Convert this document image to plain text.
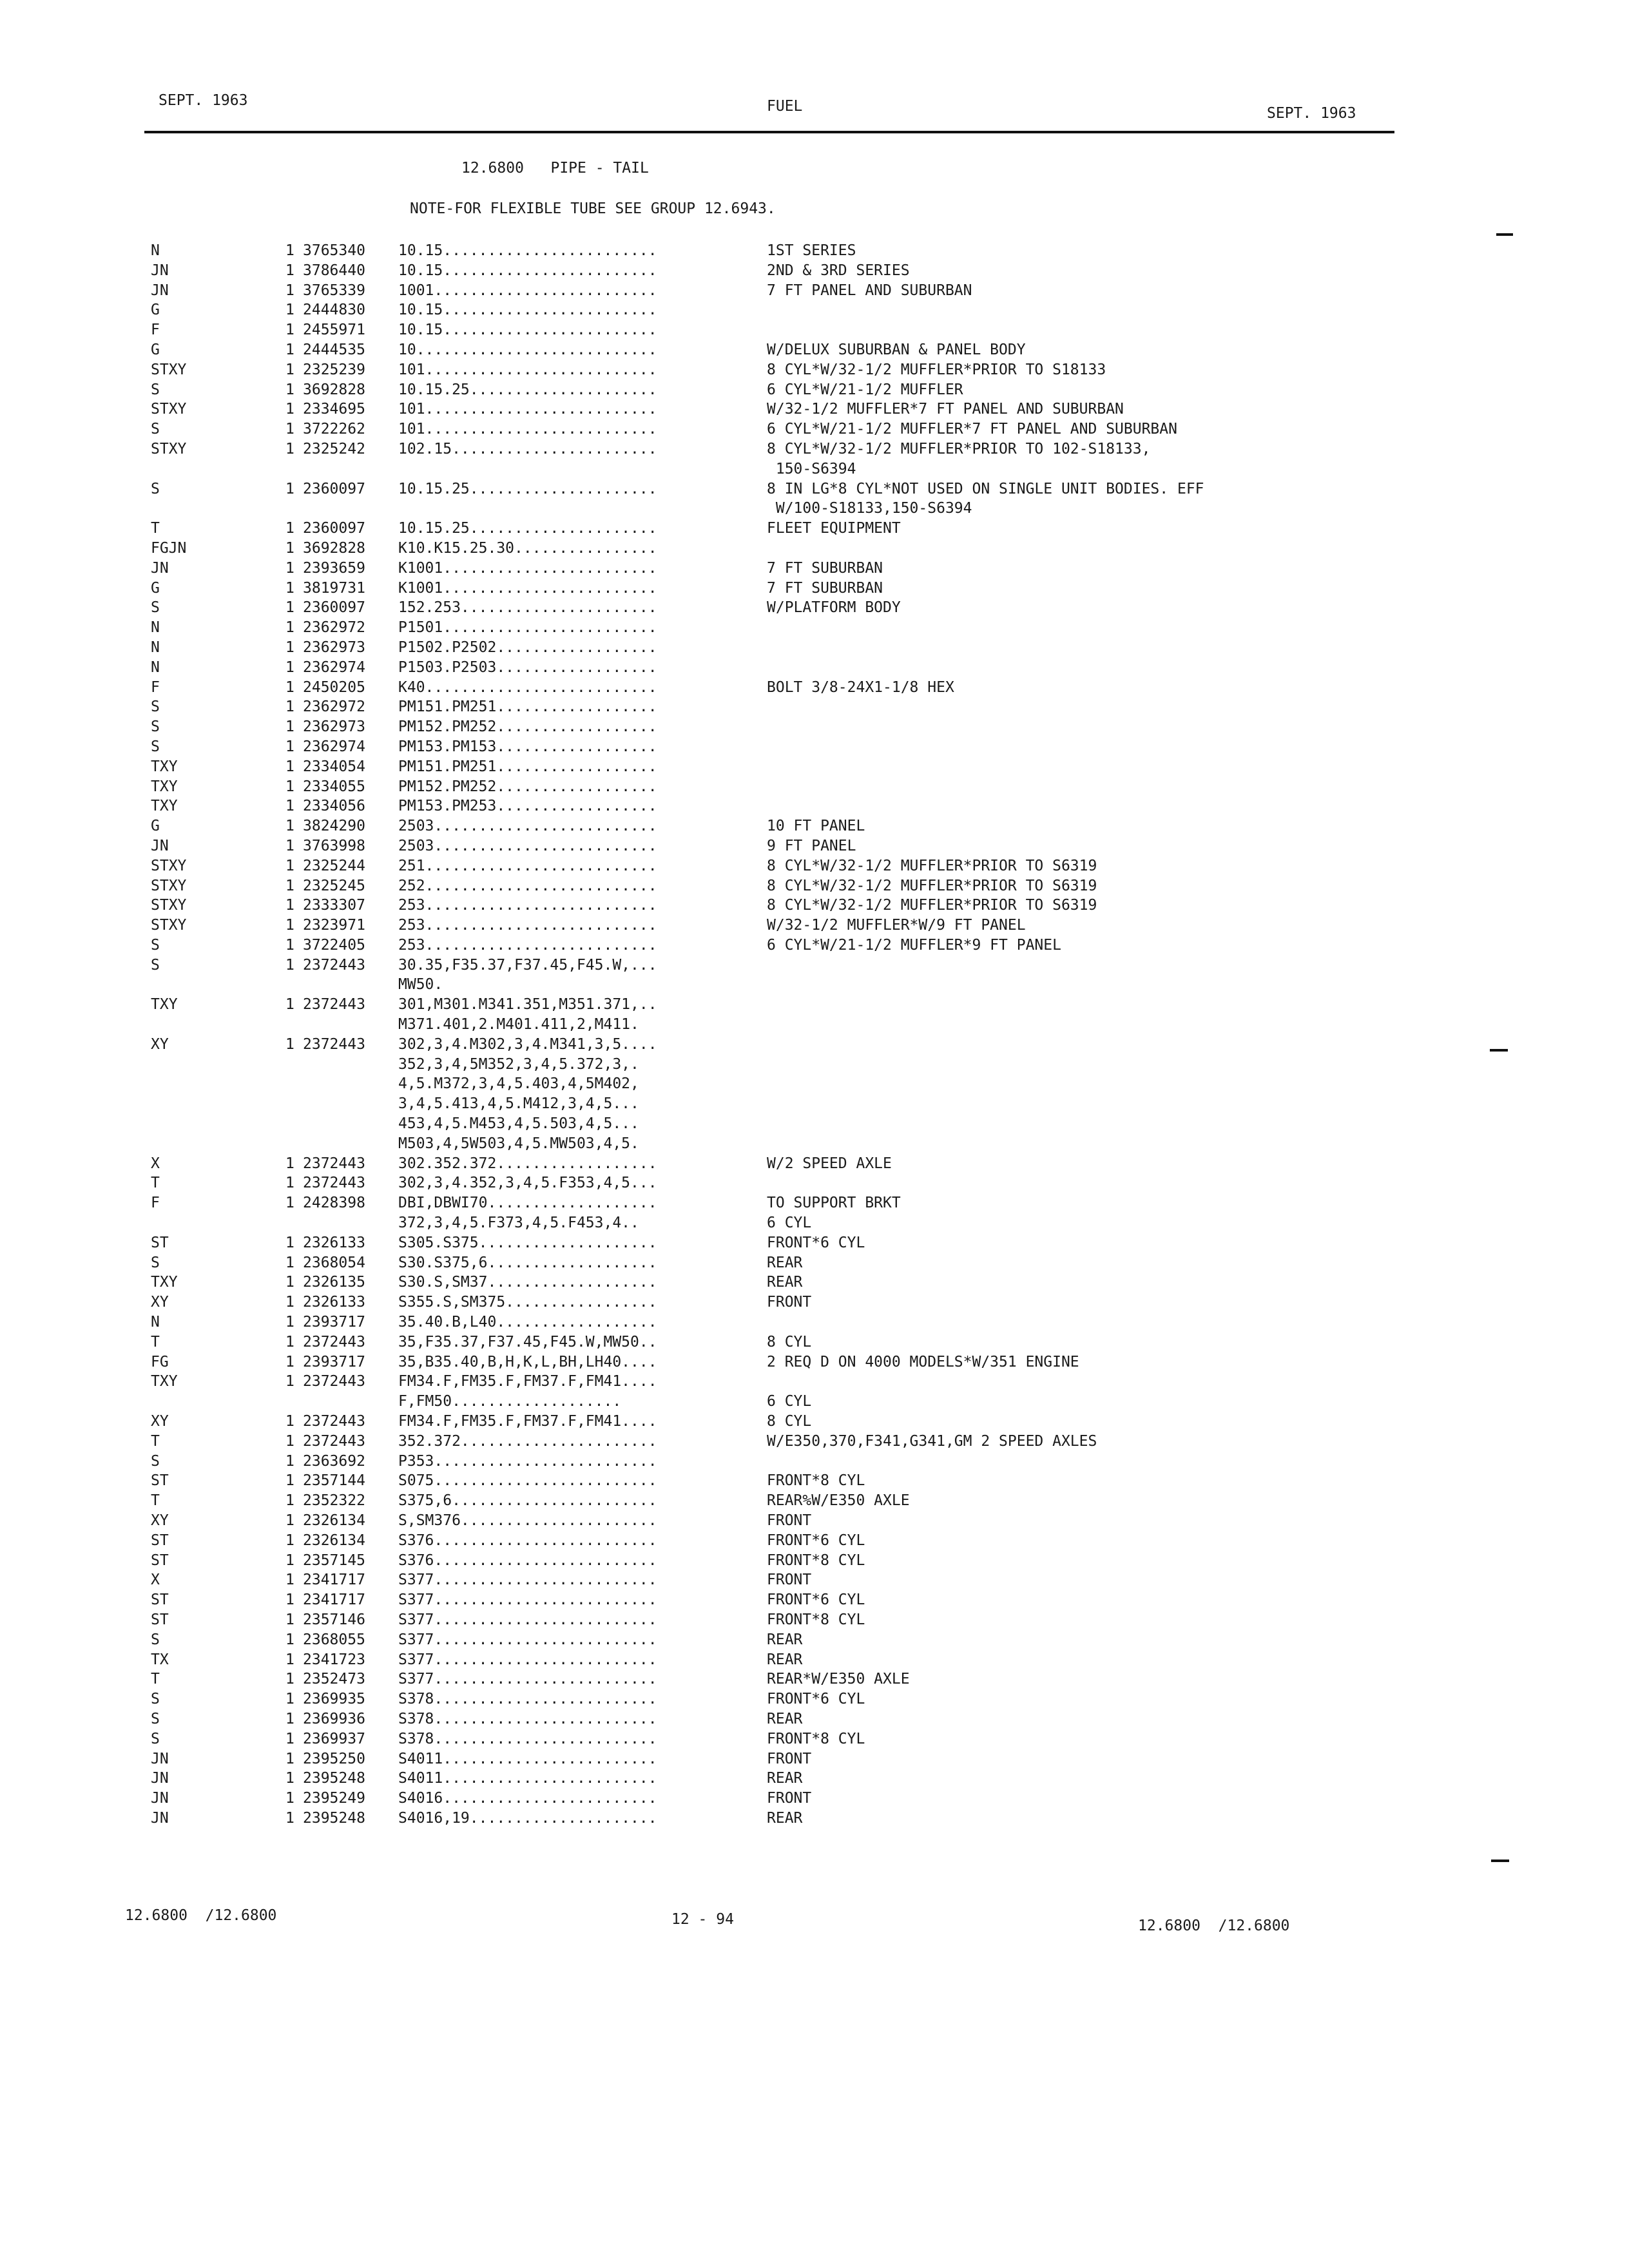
SEPT. 1963	FUEL	SEPT. 1963
12.6800   PIPE - TAIL
NOTE-FOR FLEXIBLE TUBE SEE GROUP 12.6943.
N	1 3765340 10.15........................	1ST SERIES
JN	1 3786440 10.15........................	2ND & 3RD SERIES
JN	1 3765339 1001.........................	7 FT PANEL AND SUBURBAN
G	1 2444830 10.15........................
F	1 2455971 10.15........................
G	1 2444535 10...........................	W/DELUX SUBURBAN & PANEL BODY
STXY	1 2325239 101..........................	8 CYL*W/32-1/2 MUFFLER*PRIOR TO S18133
S	1 3692828 10.15.25.....................	6 CYL*W/21-1/2 MUFFLER
STXY	1 2334695 101..........................	W/32-1/2 MUFFLER*7 FT PANEL AND SUBURBAN
S	1 3722262 101..........................	6 CYL*W/21-1/2 MUFFLER*7 FT PANEL AND SUBURBAN
STXY	1 2325242 102.15.......................	8 CYL*W/32-1/2 MUFFLER*PRIOR TO 102-S18133,
150-S6394
S	1 2360097 10.15.25.....................	8 IN LG*8 CYL*NOT USED ON SINGLE UNIT BODIES. EFF
W/100-S18133,150-S6394
T	1 2360097 10.15.25.....................	FLEET EQUIPMENT
FGJN	1 3692828 K10.K15.25.30................
JN	1 2393659 K1001........................	7 FT SUBURBAN
G	1 3819731 K1001........................	7 FT SUBURBAN
S	1 2360097 152.253......................	W/PLATFORM BODY
N	1 2362972 P1501........................
N	1 2362973 P1502.P2502..................
N	1 2362974 P1503.P2503..................
F	1 2450205 K40..........................	BOLT 3/8-24X1-1/8 HEX
S	1 2362972 PM151.PM251..................
S	1 2362973 PM152.PM252..................
S	1 2362974 PM153.PM153..................
TXY	1 2334054 PM151.PM251..................
TXY	1 2334055 PM152.PM252..................
TXY	1 2334056 PM153.PM253..................
G	1 3824290 2503.........................	10 FT PANEL
JN	1 3763998 2503.........................	9 FT PANEL
STXY	1 2325244 251..........................	8 CYL*W/32-1/2 MUFFLER*PRIOR TO S6319
STXY	1 2325245 252..........................	8 CYL*W/32-1/2 MUFFLER*PRIOR TO S6319
STXY	1 2333307 253..........................	8 CYL*W/32-1/2 MUFFLER*PRIOR TO S6319
STXY	1 2323971 253..........................	W/32-1/2 MUFFLER*W/9 FT PANEL
S	1 3722405 253..........................	6 CYL*W/21-1/2 MUFFLER*9 FT PANEL
S	1 2372443 30.35,F35.37,F37.45,F45.W,...
MW50.
TXY	1 2372443 301,M301.M341.351,M351.371,..
M371.401,2.M401.411,2,M411.
XY	1 2372443 302,3,4.M302,3,4.M341,3,5....
352,3,4,5M352,3,4,5.372,3,.
4,5.M372,3,4,5.403,4,5M402,
3,4,5.413,4,5.M412,3,4,5...
453,4,5.M453,4,5.503,4,5...
M503,4,5W503,4,5.MW503,4,5.
X	1 2372443 302.352.372..................	W/2 SPEED AXLE
T	1 2372443 302,3,4.352,3,4,5.F353,4,5...
F	1 2428398 DBI,DBWI70...................	TO SUPPORT BRKT
372,3,4,5.F373,4,5.F453,4..	6 CYL
ST	1 2326133 S305.S375....................	FRONT*6 CYL
S	1 2368054 S30.S375,6...................	REAR
TXY	1 2326135 S30.S,SM37...................	REAR
XY	1 2326133 S355.S,SM375.................	FRONT
N	1 2393717 35.40.B,L40..................
T	1 2372443 35,F35.37,F37.45,F45.W,MW50..	8 CYL
FG	1 2393717 35,B35.40,B,H,K,L,BH,LH40....	2 REQ D ON 4000 MODELS*W/351 ENGINE
TXY	1 2372443 FM34.F,FM35.F,FM37.F,FM41....
F,FM50...................	6 CYL
XY	1 2372443 FM34.F,FM35.F,FM37.F,FM41....	8 CYL
T	1 2372443 352.372......................	W/E350,370,F341,G341,GM 2 SPEED AXLES
S	1 2363692 P353.........................
ST	1 2357144 S075.........................	FRONT*8 CYL
T	1 2352322 S375,6.......................	REAR%W/E350 AXLE
XY	1 2326134 S,SM376......................	FRONT
ST	1 2326134 S376.........................	FRONT*6 CYL
ST	1 2357145 S376.........................	FRONT*8 CYL
X	1 2341717 S377.........................	FRONT
ST	1 2341717 S377.........................	FRONT*6 CYL
ST	1 2357146 S377.........................	FRONT*8 CYL
S	1 2368055 S377.........................	REAR
TX	1 2341723 S377.........................	REAR
T	1 2352473 S377.........................	REAR*W/E350 AXLE
S	1 2369935 S378.........................	FRONT*6 CYL
S	1 2369936 S378.........................	REAR
S	1 2369937 S378.........................	FRONT*8 CYL
JN	1 2395250 S4011........................	FRONT
JN	1 2395248 S4011........................	REAR
JN	1 2395249 S4016........................	FRONT
JN	1 2395248 S4016,19.....................	REAR
12.6800  /12.6800	12 - 94	12.6800  /12.6800
